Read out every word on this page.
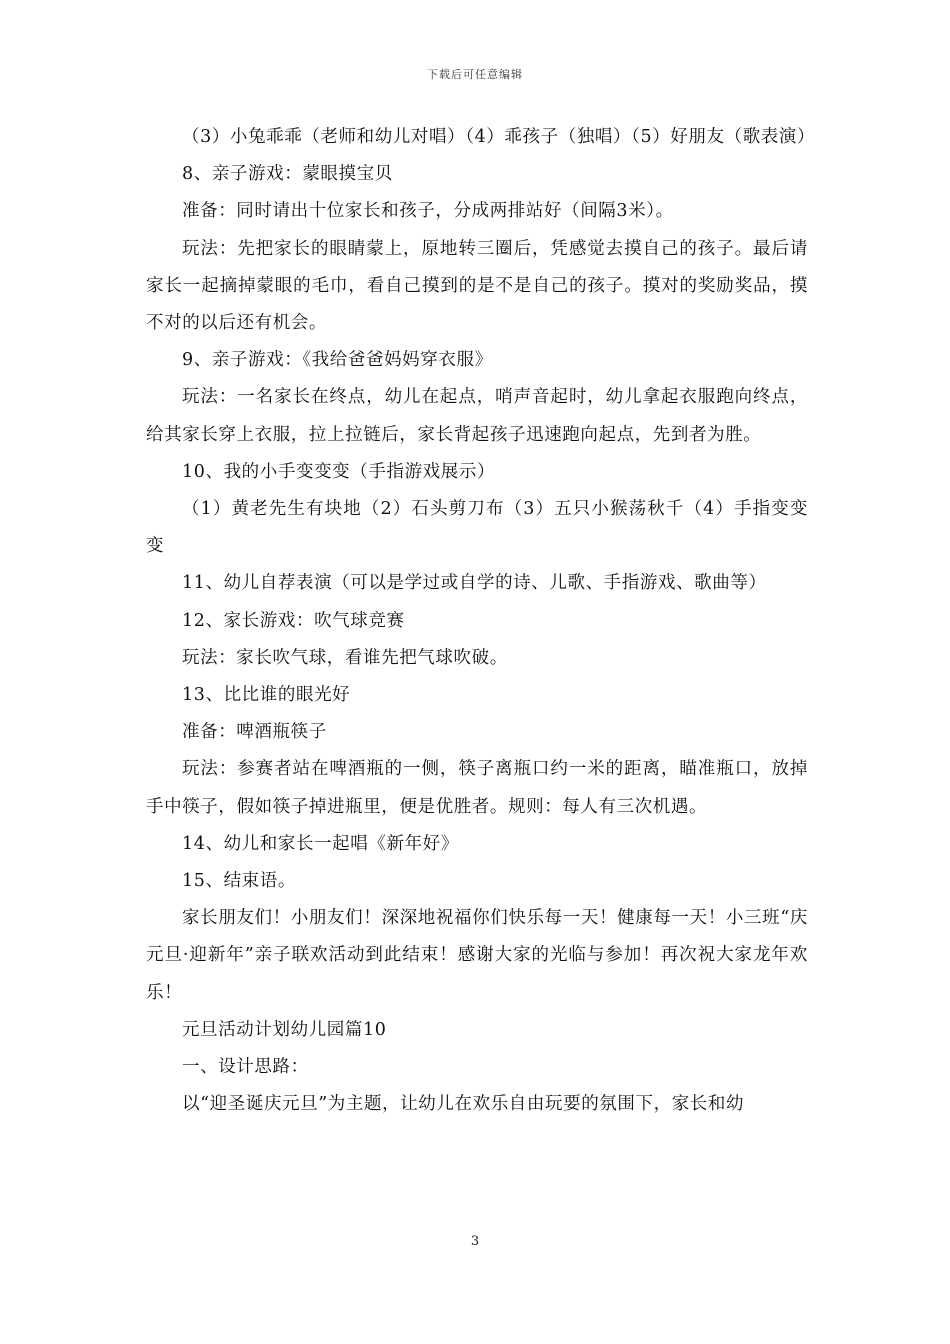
下载后可任意编辑

（3）小兔乖乖（老师和幼儿对唱）（4）乖孩子（独唱）（5）好朋友（歌表演）

8、亲子游戏：蒙眼摸宝贝

准备：同时请出十位家长和孩子，分成两排站好（间隔3米）。

玩法：先把家长的眼睛蒙上，原地转三圈后，凭感觉去摸自己的孩子。最后请家长一起摘掉蒙眼的毛巾，看自己摸到的是不是自己的孩子。摸对的奖励奖品，摸不对的以后还有机会。

9、亲子游戏：《我给爸爸妈妈穿衣服》

玩法：一名家长在终点，幼儿在起点，哨声音起时，幼儿拿起衣服跑向终点，给其家长穿上衣服，拉上拉链后，家长背起孩子迅速跑向起点，先到者为胜。

10、我的小手变变变（手指游戏展示）

（1）黄老先生有块地（2）石头剪刀布（3）五只小猴荡秋千（4）手指变变变

11、幼儿自荐表演（可以是学过或自学的诗、儿歌、手指游戏、歌曲等）

12、家长游戏：吹气球竞赛

玩法：家长吹气球，看谁先把气球吹破。

13、比比谁的眼光好

准备：啤酒瓶筷子

玩法：参赛者站在啤酒瓶的一侧，筷子离瓶口约一米的距离，瞄准瓶口，放掉手中筷子，假如筷子掉进瓶里，便是优胜者。规则：每人有三次机遇。

14、幼儿和家长一起唱《新年好》

15、结束语。

家长朋友们！小朋友们！深深地祝福你们快乐每一天！健康每一天！小三班“庆元旦·迎新年”亲子联欢活动到此结束！感谢大家的光临与参加！再次祝大家龙年欢乐！

元旦活动计划幼儿园篇10

一、设计思路：

以“迎圣诞庆元旦”为主题，让幼儿在欢乐自由玩要的氛围下，家长和幼

3
